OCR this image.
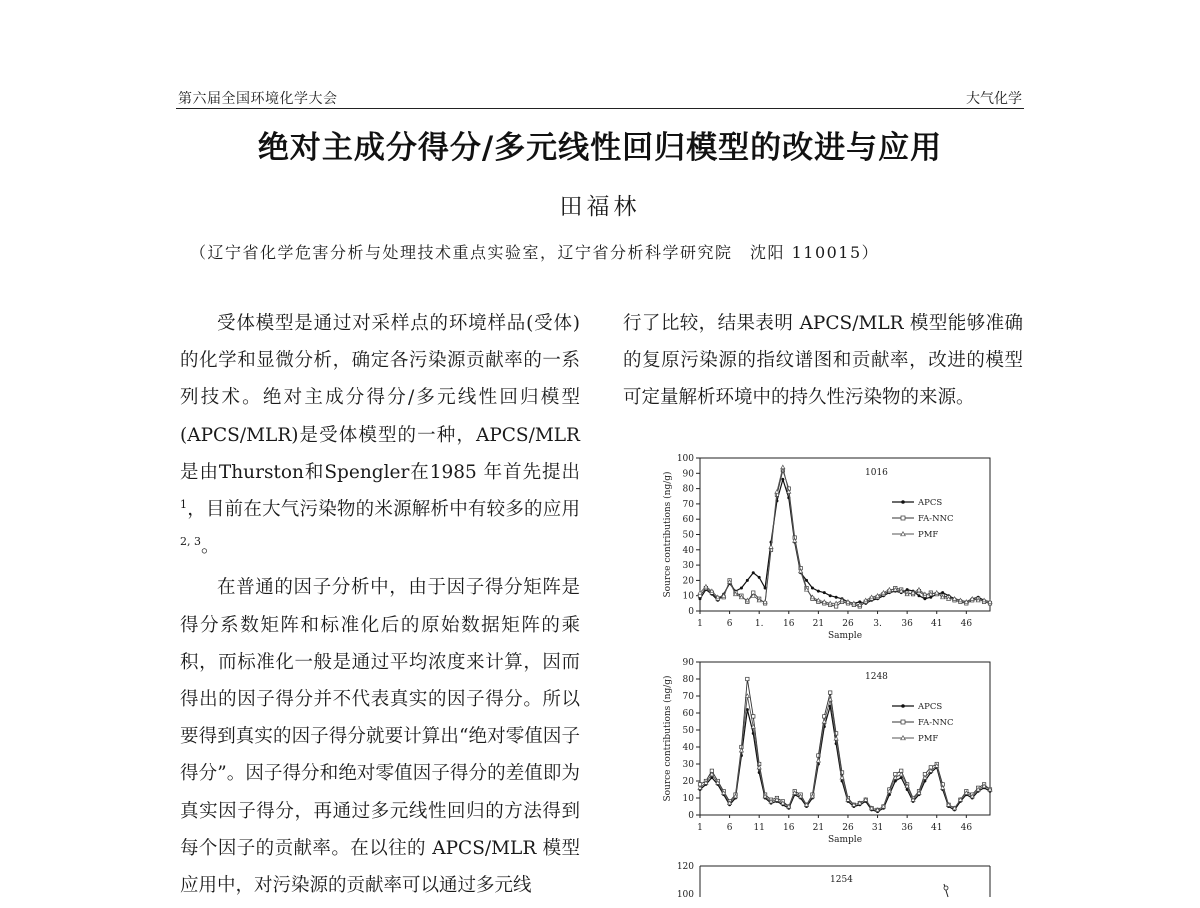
第六届全国环境化学大会	大气化学
绝对主成分得分/多元线性回归模型的改进与应用
田福林
（辽宁省化学危害分析与处理技术重点实验室，辽宁省分析科学研究院　沈阳 110015）

受体模型是通过对采样点的环境样品(受体)的化学和显微分析，确定各污染源贡献率的一系列技术。绝对主成分得分/多元线性回归模型(APCS/MLR)是受体模型的一种，APCS/MLR是由Thurston和Spengler在1985 年首先提出$^1$，目前在大气污染物的米源解析中有较多的应用$^{2, 3}$。

在普通的因子分析中，由于因子得分矩阵是得分系数矩阵和标准化后的原始数据矩阵的乘积，而标准化一般是通过平均浓度来计算，因而得出的因子得分并不代表真实的因子得分。所以要得到真实的因子得分就要计算出“绝对零值因子得分”。因子得分和绝对零值因子得分的差值即为真实因子得分，再通过多元线性回归的方法得到每个因子的贡献率。在以往的 APCS/MLR 模型应用中，对污染源的贡献率可以通过多元线

行了比较，结果表明 APCS/MLR 模型能够准确的复原污染源的指纹谱图和贡献率，改进的模型可定量解析环境中的持久性污染物的来源。

0
10
20
30
40
50
60
70
80
90
100
1	6 1. 16 21 26 3. 36 41 46
Sample
Source contributions (ng/g)	1016
APCS
FA-NNC
PMF
0
10
20
30
40
50
60
70
80
90
1	6 11 16 21 26 31 36 41 46
Sample
Source contributions (ng/g)	1248
APCS
FA-NNC
PMF
120
100
1254
